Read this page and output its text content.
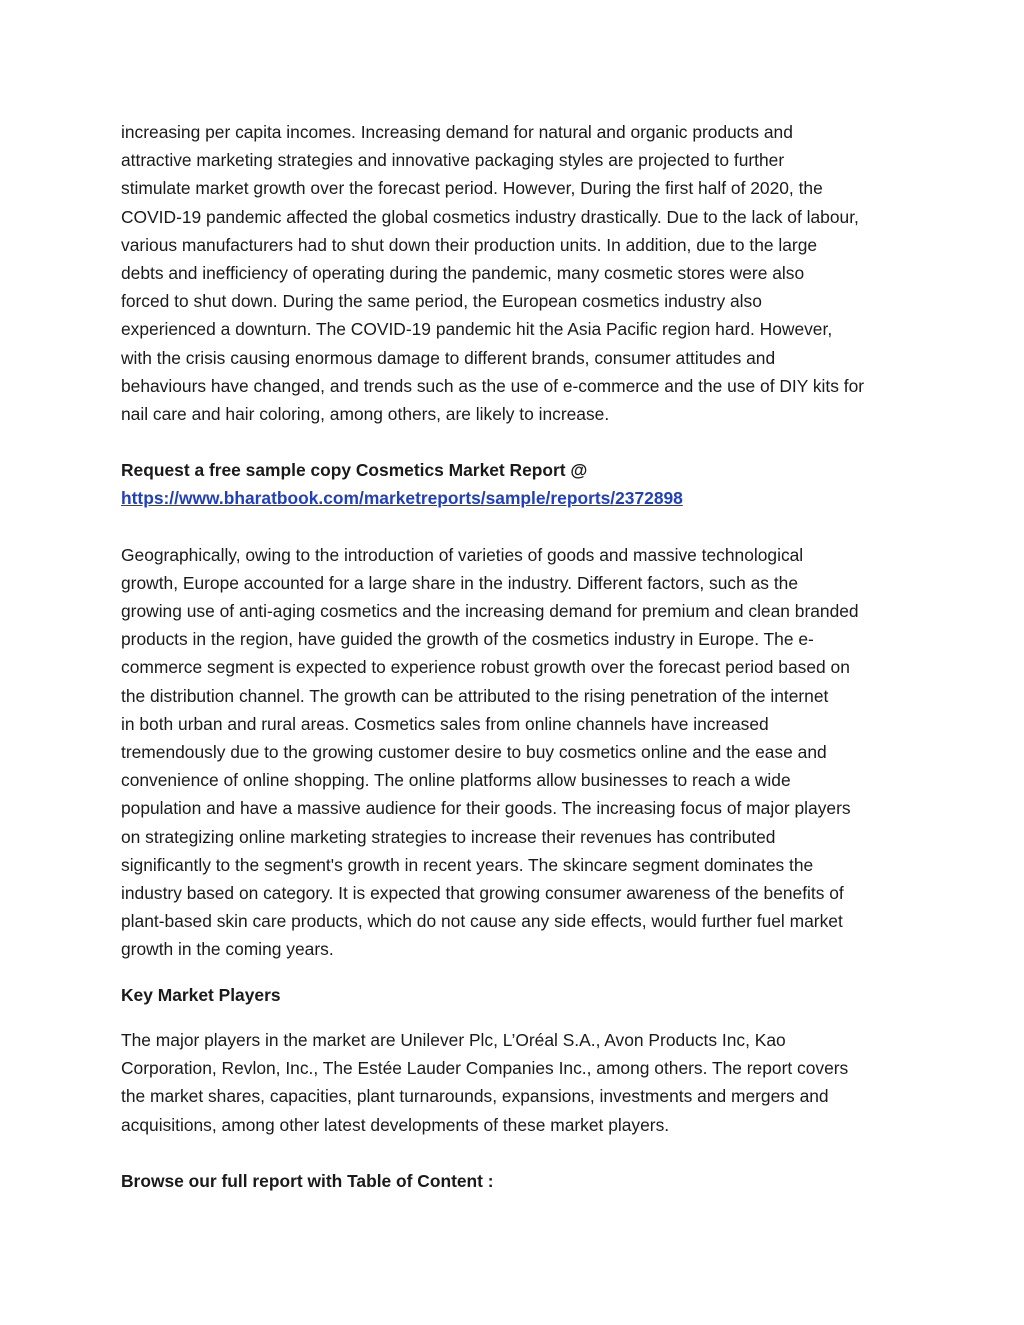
increasing per capita incomes. Increasing demand for natural and organic products and
attractive marketing strategies and innovative packaging styles are projected to further
stimulate market growth over the forecast period. However, During the first half of 2020, the
COVID-19 pandemic affected the global cosmetics industry drastically. Due to the lack of labour,
various manufacturers had to shut down their production units. In addition, due to the large
debts and inefficiency of operating during the pandemic, many cosmetic stores were also
forced to shut down. During the same period, the European cosmetics industry also
experienced a downturn. The COVID-19 pandemic hit the Asia Pacific region hard. However,
with the crisis causing enormous damage to different brands, consumer attitudes and
behaviours have changed, and trends such as the use of e-commerce and the use of DIY kits for
nail care and hair coloring, among others, are likely to increase.

Request a free sample copy Cosmetics Market Report @
https://www.bharatbook.com/marketreports/sample/reports/2372898

Geographically, owing to the introduction of varieties of goods and massive technological
growth, Europe accounted for a large share in the industry. Different factors, such as the
growing use of anti-aging cosmetics and the increasing demand for premium and clean branded
products in the region, have guided the growth of the cosmetics industry in Europe. The e-
commerce segment is expected to experience robust growth over the forecast period based on
the distribution channel. The growth can be attributed to the rising penetration of the internet
in both urban and rural areas. Cosmetics sales from online channels have increased
tremendously due to the growing customer desire to buy cosmetics online and the ease and
convenience of online shopping. The online platforms allow businesses to reach a wide
population and have a massive audience for their goods. The increasing focus of major players
on strategizing online marketing strategies to increase their revenues has contributed
significantly to the segment's growth in recent years. The skincare segment dominates the
industry based on category. It is expected that growing consumer awareness of the benefits of
plant-based skin care products, which do not cause any side effects, would further fuel market
growth in the coming years.

Key Market Players

The major players in the market are Unilever Plc, L’Oréal S.A., Avon Products Inc, Kao
Corporation, Revlon, Inc., The Estée Lauder Companies Inc., among others. The report covers
the market shares, capacities, plant turnarounds, expansions, investments and mergers and
acquisitions, among other latest developments of these market players.

Browse our full report with Table of Content :
